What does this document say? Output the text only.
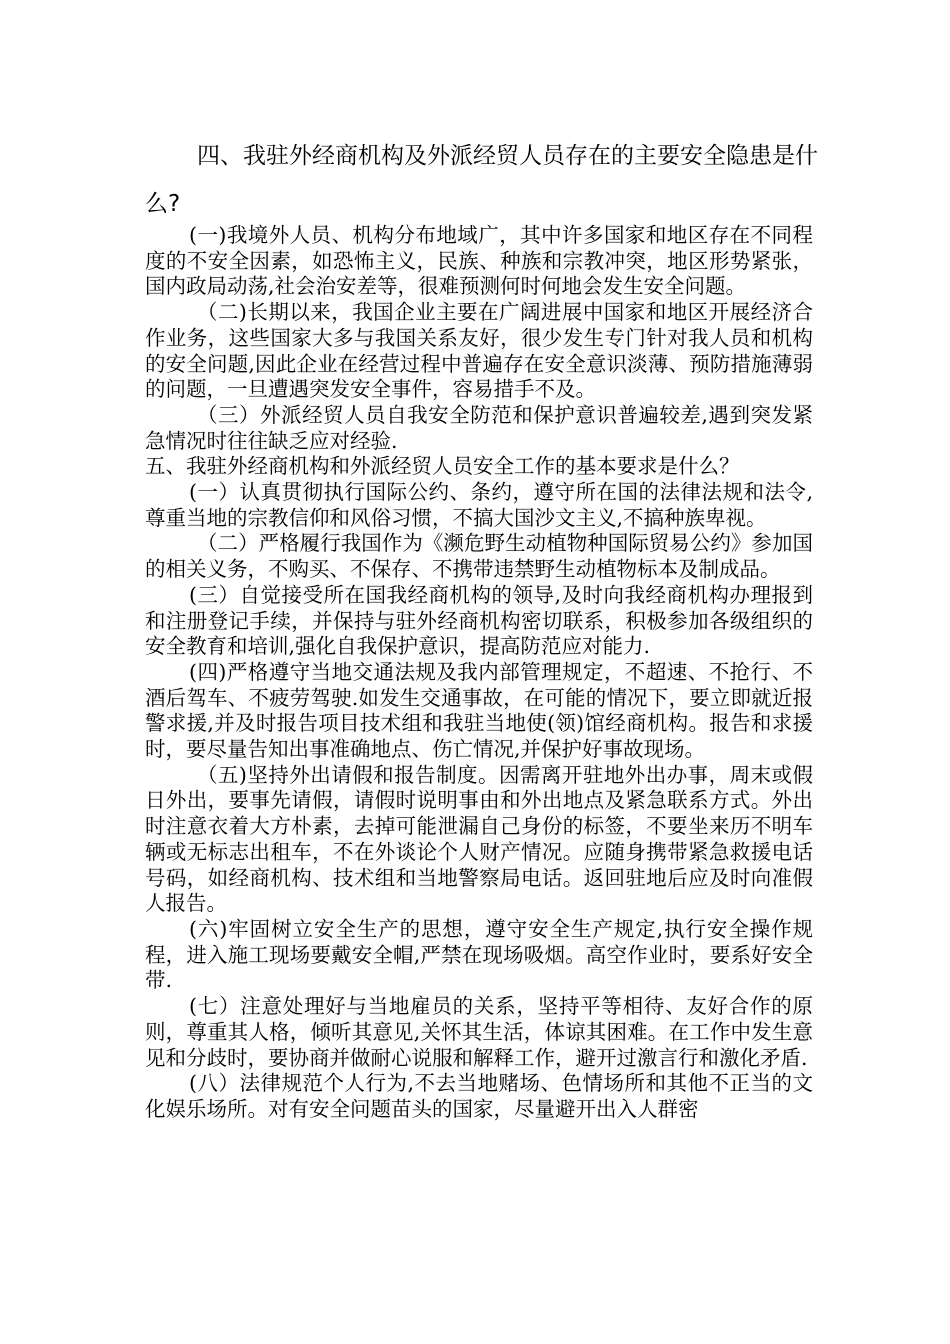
四、我驻外经商机构及外派经贸人员存在的主要安全隐患是什
么?

(一)我境外人员、机构分布地域广，其中许多国家和地区存在不同程度的不安全因素，如恐怖主义，民族、种族和宗教冲突，地区形势紧张，国内政局动荡,社会治安差等，很难预测何时何地会发生安全问题。

（二)长期以来，我国企业主要在广阔进展中国家和地区开展经济合作业务，这些国家大多与我国关系友好，很少发生专门针对我人员和机构的安全问题,因此企业在经营过程中普遍存在安全意识淡薄、预防措施薄弱的问题，一旦遭遇突发安全事件，容易措手不及。

（三）外派经贸人员自我安全防范和保护意识普遍较差,遇到突发紧急情况时往往缺乏应对经验.

五、我驻外经商机构和外派经贸人员安全工作的基本要求是什么？

(一）认真贯彻执行国际公约、条约，遵守所在国的法律法规和法令,尊重当地的宗教信仰和风俗习惯，不搞大国沙文主义,不搞种族卑视。

（二）严格履行我国作为《濒危野生动植物种国际贸易公约》参加国的相关义务，不购买、不保存、不携带违禁野生动植物标本及制成品。

(三）自觉接受所在国我经商机构的领导,及时向我经商机构办理报到和注册登记手续，并保持与驻外经商机构密切联系，积极参加各级组织的安全教育和培训,强化自我保护意识，提高防范应对能力.

(四)严格遵守当地交通法规及我内部管理规定，不超速、不抢行、不酒后驾车、不疲劳驾驶.如发生交通事故，在可能的情况下，要立即就近报警求援,并及时报告项目技术组和我驻当地使(领)馆经商机构。报告和求援时，要尽量告知出事准确地点、伤亡情况,并保护好事故现场。

（五)坚持外出请假和报告制度。因需离开驻地外出办事，周末或假日外出，要事先请假，请假时说明事由和外出地点及紧急联系方式。外出时注意衣着大方朴素，去掉可能泄漏自己身份的标签，不要坐来历不明车辆或无标志出租车，不在外谈论个人财产情况。应随身携带紧急救援电话号码，如经商机构、技术组和当地警察局电话。返回驻地后应及时向准假人报告。

(六)牢固树立安全生产的思想，遵守安全生产规定,执行安全操作规程，进入施工现场要戴安全帽,严禁在现场吸烟。高空作业时，要系好安全带.

(七）注意处理好与当地雇员的关系，坚持平等相待、友好合作的原则，尊重其人格，倾听其意见,关怀其生活，体谅其困难。在工作中发生意见和分歧时，要协商并做耐心说服和解释工作，避开过激言行和激化矛盾.

(八）法律规范个人行为,不去当地赌场、色情场所和其他不正当的文化娱乐场所。对有安全问题苗头的国家，尽量避开出入人群密
